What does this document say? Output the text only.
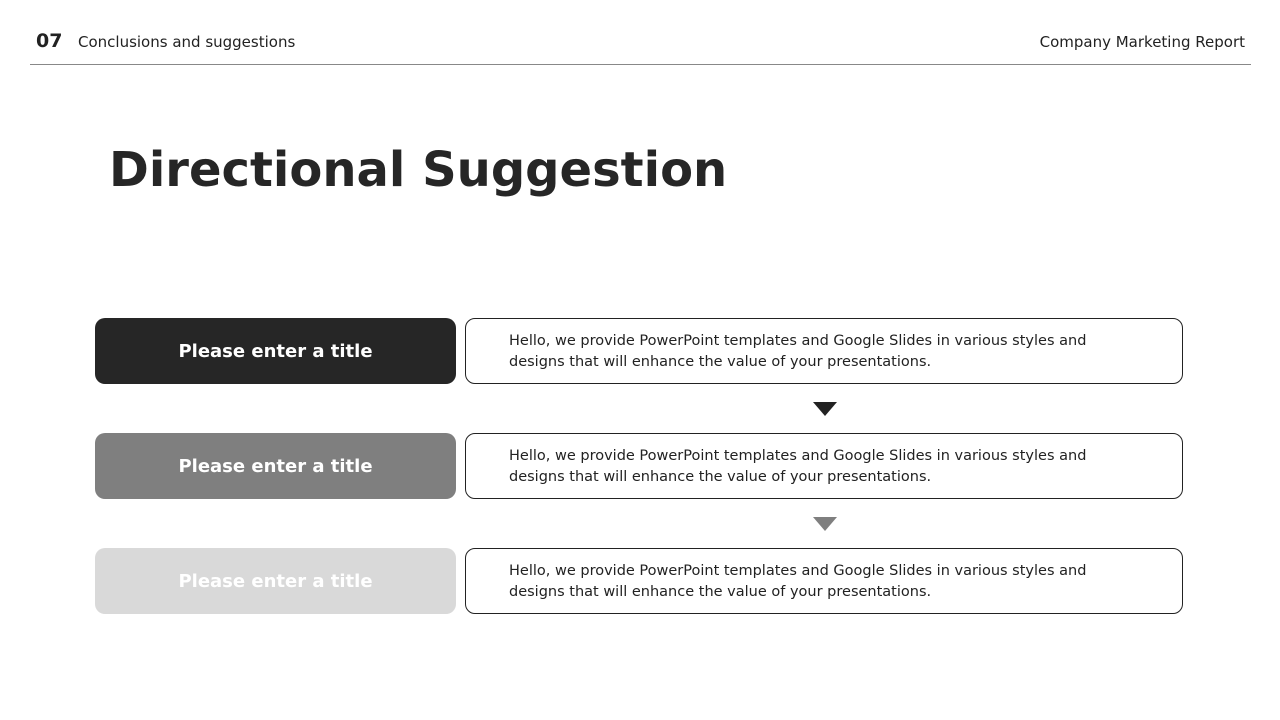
07 Conclusions and suggestions	Company Marketing Report
Directional Suggestion
Please enter a title	Hello, we provide PowerPoint templates and Google Slides in various styles and designs that will enhance the value of your presentations.
Please enter a title	Hello, we provide PowerPoint templates and Google Slides in various styles and designs that will enhance the value of your presentations.
Please enter a title	Hello, we provide PowerPoint templates and Google Slides in various styles and designs that will enhance the value of your presentations.
